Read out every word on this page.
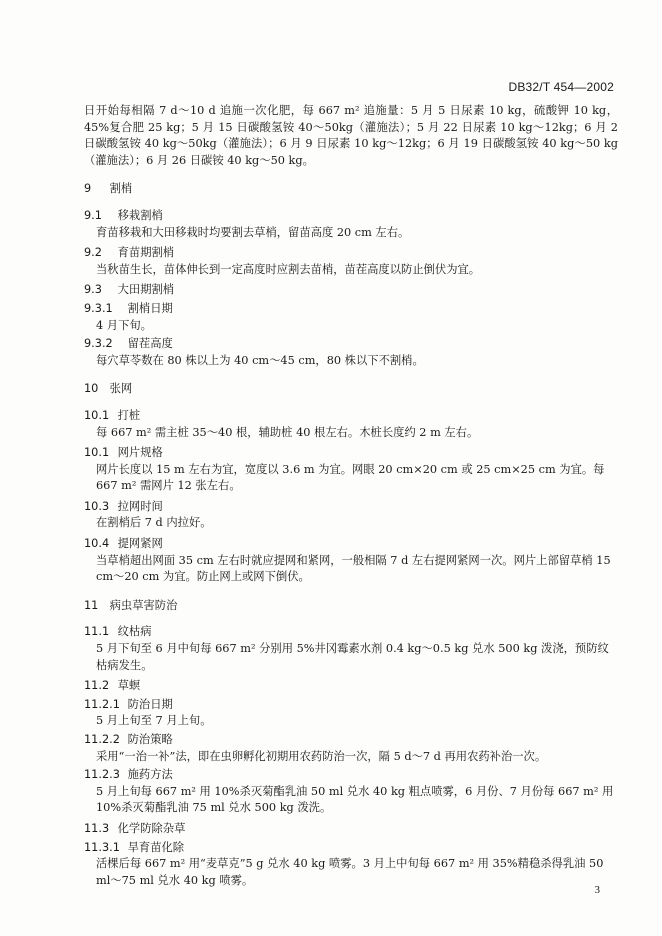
DB32/T 454—2002

日开始每相隔 7 d～10 d 追施一次化肥，每 667 m² 追施量：5 月 5 日尿素 10 kg，硫酸钾 10 kg，45%复合肥 25 kg；5 月 15 日碳酸氢铵 40～50kg（灌施法）；5 月 22 日尿素 10 kg～12kg；6 月 2 日碳酸氢铵 40 kg～50kg（灌施法）；6 月 9 日尿素 10 kg～12kg；6 月 19 日碳酸氢铵 40 kg～50 kg（灌施法）；6 月 26 日碳铵 40 kg～50 kg。

9 割梢
9.1 移栽割梢

育苗移栽和大田移栽时均要割去草梢，留苗高度 20 cm 左右。

9.2 育苗期割梢

当秋苗生长，苗体伸长到一定高度时应割去苗梢，苗茬高度以防止倒伏为宜。

9.3 大田期割梢
9.3.1 割梢日期

4 月下旬。

9.3.2 留茬高度

每穴草苓数在 80 株以上为 40 cm～45 cm，80 株以下不割梢。

10 张网
10.1 打桩

每 667 m² 需主桩 35～40 根，辅助桩 40 根左右。木桩长度约 2 m 左右。

10.1 网片规格

网片长度以 15 m 左右为宜，宽度以 3.6 m 为宜。网眼 20 cm×20 cm 或 25 cm×25 cm 为宜。每 667 m² 需网片 12 张左右。

10.3 拉网时间

在割梢后 7 d 内拉好。

10.4 提网紧网

当草梢超出网面 35 cm 左右时就应提网和紧网，一般相隔 7 d 左右提网紧网一次。网片上部留草梢 15 cm～20 cm 为宜。防止网上或网下倒伏。

11 病虫草害防治
11.1 纹枯病

5 月下旬至 6 月中旬每 667 m² 分别用 5%井冈霉素水剂 0.4 kg～0.5 kg 兑水 500 kg 泼浇，预防纹枯病发生。

11.2 草螟
11.2.1 防治日期

5 月上旬至 7 月上旬。

11.2.2 防治策略

采用“一治一补”法，即在虫卵孵化初期用农药防治一次，隔 5 d～7 d 再用农药补治一次。

11.2.3 施药方法

5 月上旬每 667 m² 用 10%杀灭菊酯乳油 50 ml 兑水 40 kg 粗点喷雾，6 月份、7 月份每 667 m² 用 10%杀灭菊酯乳油 75 ml 兑水 500 kg 泼洗。

11.3 化学防除杂草
11.3.1 旱育苗化除

活棵后每 667 m² 用“麦草克”5 g 兑水 40 kg 喷雾。3 月上中旬每 667 m² 用 35%精稳杀得乳油 50 ml～75 ml 兑水 40 kg 喷雾。

3
